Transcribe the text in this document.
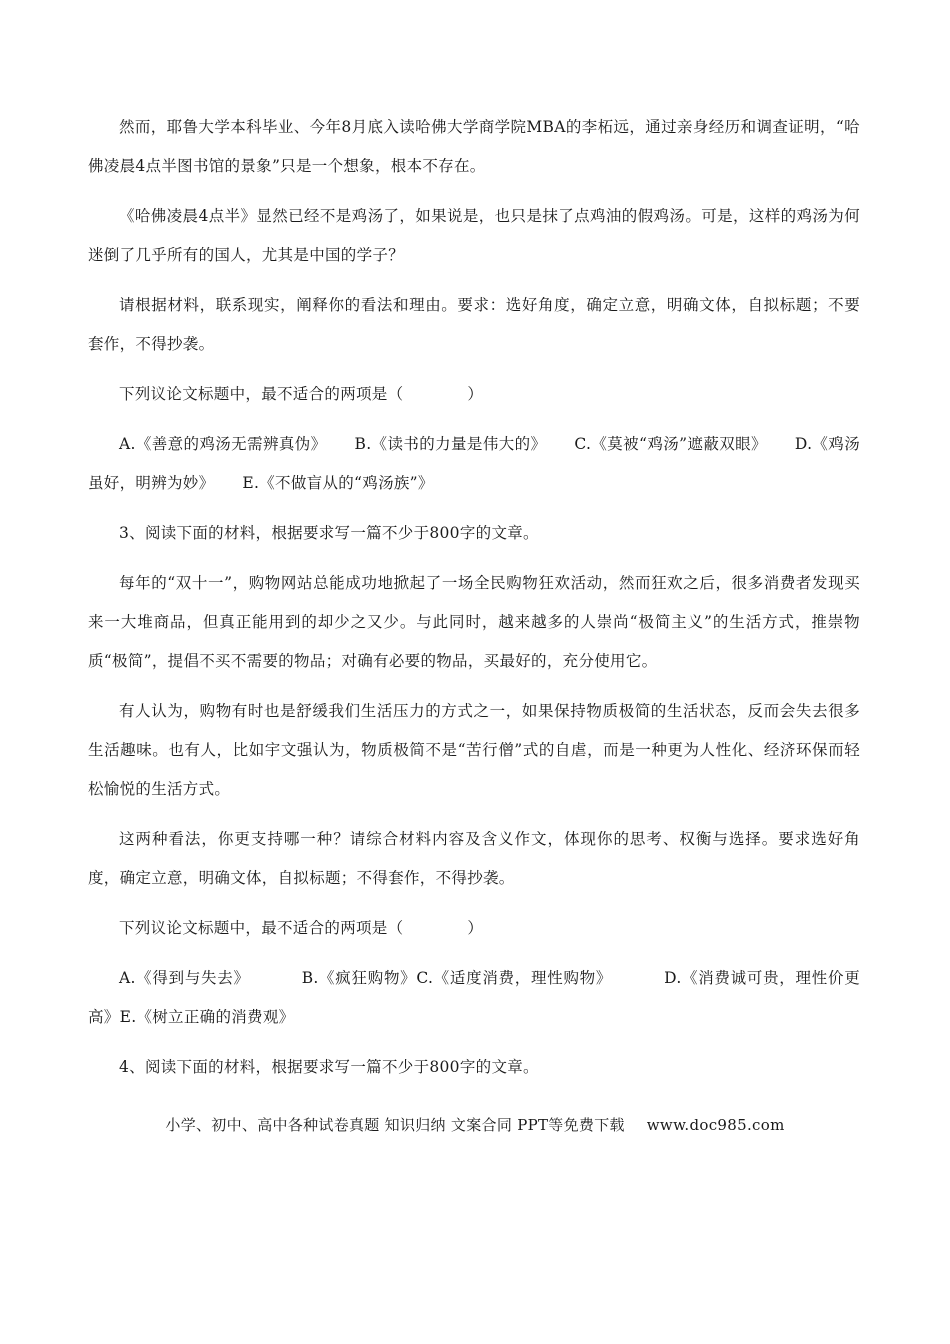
然而，耶鲁大学本科毕业、今年8月底入读哈佛大学商学院MBA的李柘远，通过亲身经历和调查证明，“哈佛凌晨4点半图书馆的景象”只是一个想象，根本不存在。

《哈佛凌晨4点半》显然已经不是鸡汤了，如果说是，也只是抹了点鸡油的假鸡汤。可是，这样的鸡汤为何迷倒了几乎所有的国人，尤其是中国的学子？

请根据材料，联系现实，阐释你的看法和理由。要求：选好角度，确定立意，明确文体，自拟标题；不要套作，不得抄袭。

下列议论文标题中，最不适合的两项是（	）

A.《善意的鸡汤无需辨真伪》 B.《读书的力量是伟大的》 C.《莫被“鸡汤”遮蔽双眼》 D.《鸡汤虽好，明辨为妙》 E.《不做盲从的“鸡汤族”》

3、阅读下面的材料，根据要求写一篇不少于800字的文章。

每年的“双十一”，购物网站总能成功地掀起了一场全民购物狂欢活动，然而狂欢之后，很多消费者发现买来一大堆商品，但真正能用到的却少之又少。与此同时，越来越多的人崇尚“极简主义”的生活方式，推崇物质“极简”，提倡不买不需要的物品；对确有必要的物品，买最好的，充分使用它。

有人认为，购物有时也是舒缓我们生活压力的方式之一，如果保持物质极简的生活状态，反而会失去很多生活趣味。也有人，比如宇文强认为，物质极简不是“苦行僧”式的自虐，而是一种更为人性化、经济环保而轻松愉悦的生活方式。

这两种看法，你更支持哪一种？请综合材料内容及含义作文，体现你的思考、权衡与选择。要求选好角度，确定立意，明确文体，自拟标题；不得套作，不得抄袭。

下列议论文标题中，最不适合的两项是（	）

A.《得到与失去》	B.《疯狂购物》C.《适度消费，理性购物》	D.《消费诚可贵，理性价更高》E.《树立正确的消费观》

4、阅读下面的材料，根据要求写一篇不少于800字的文章。

小学、初中、高中各种试卷真题 知识归纳 文案合同 PPT等免费下载 www.doc985.com
